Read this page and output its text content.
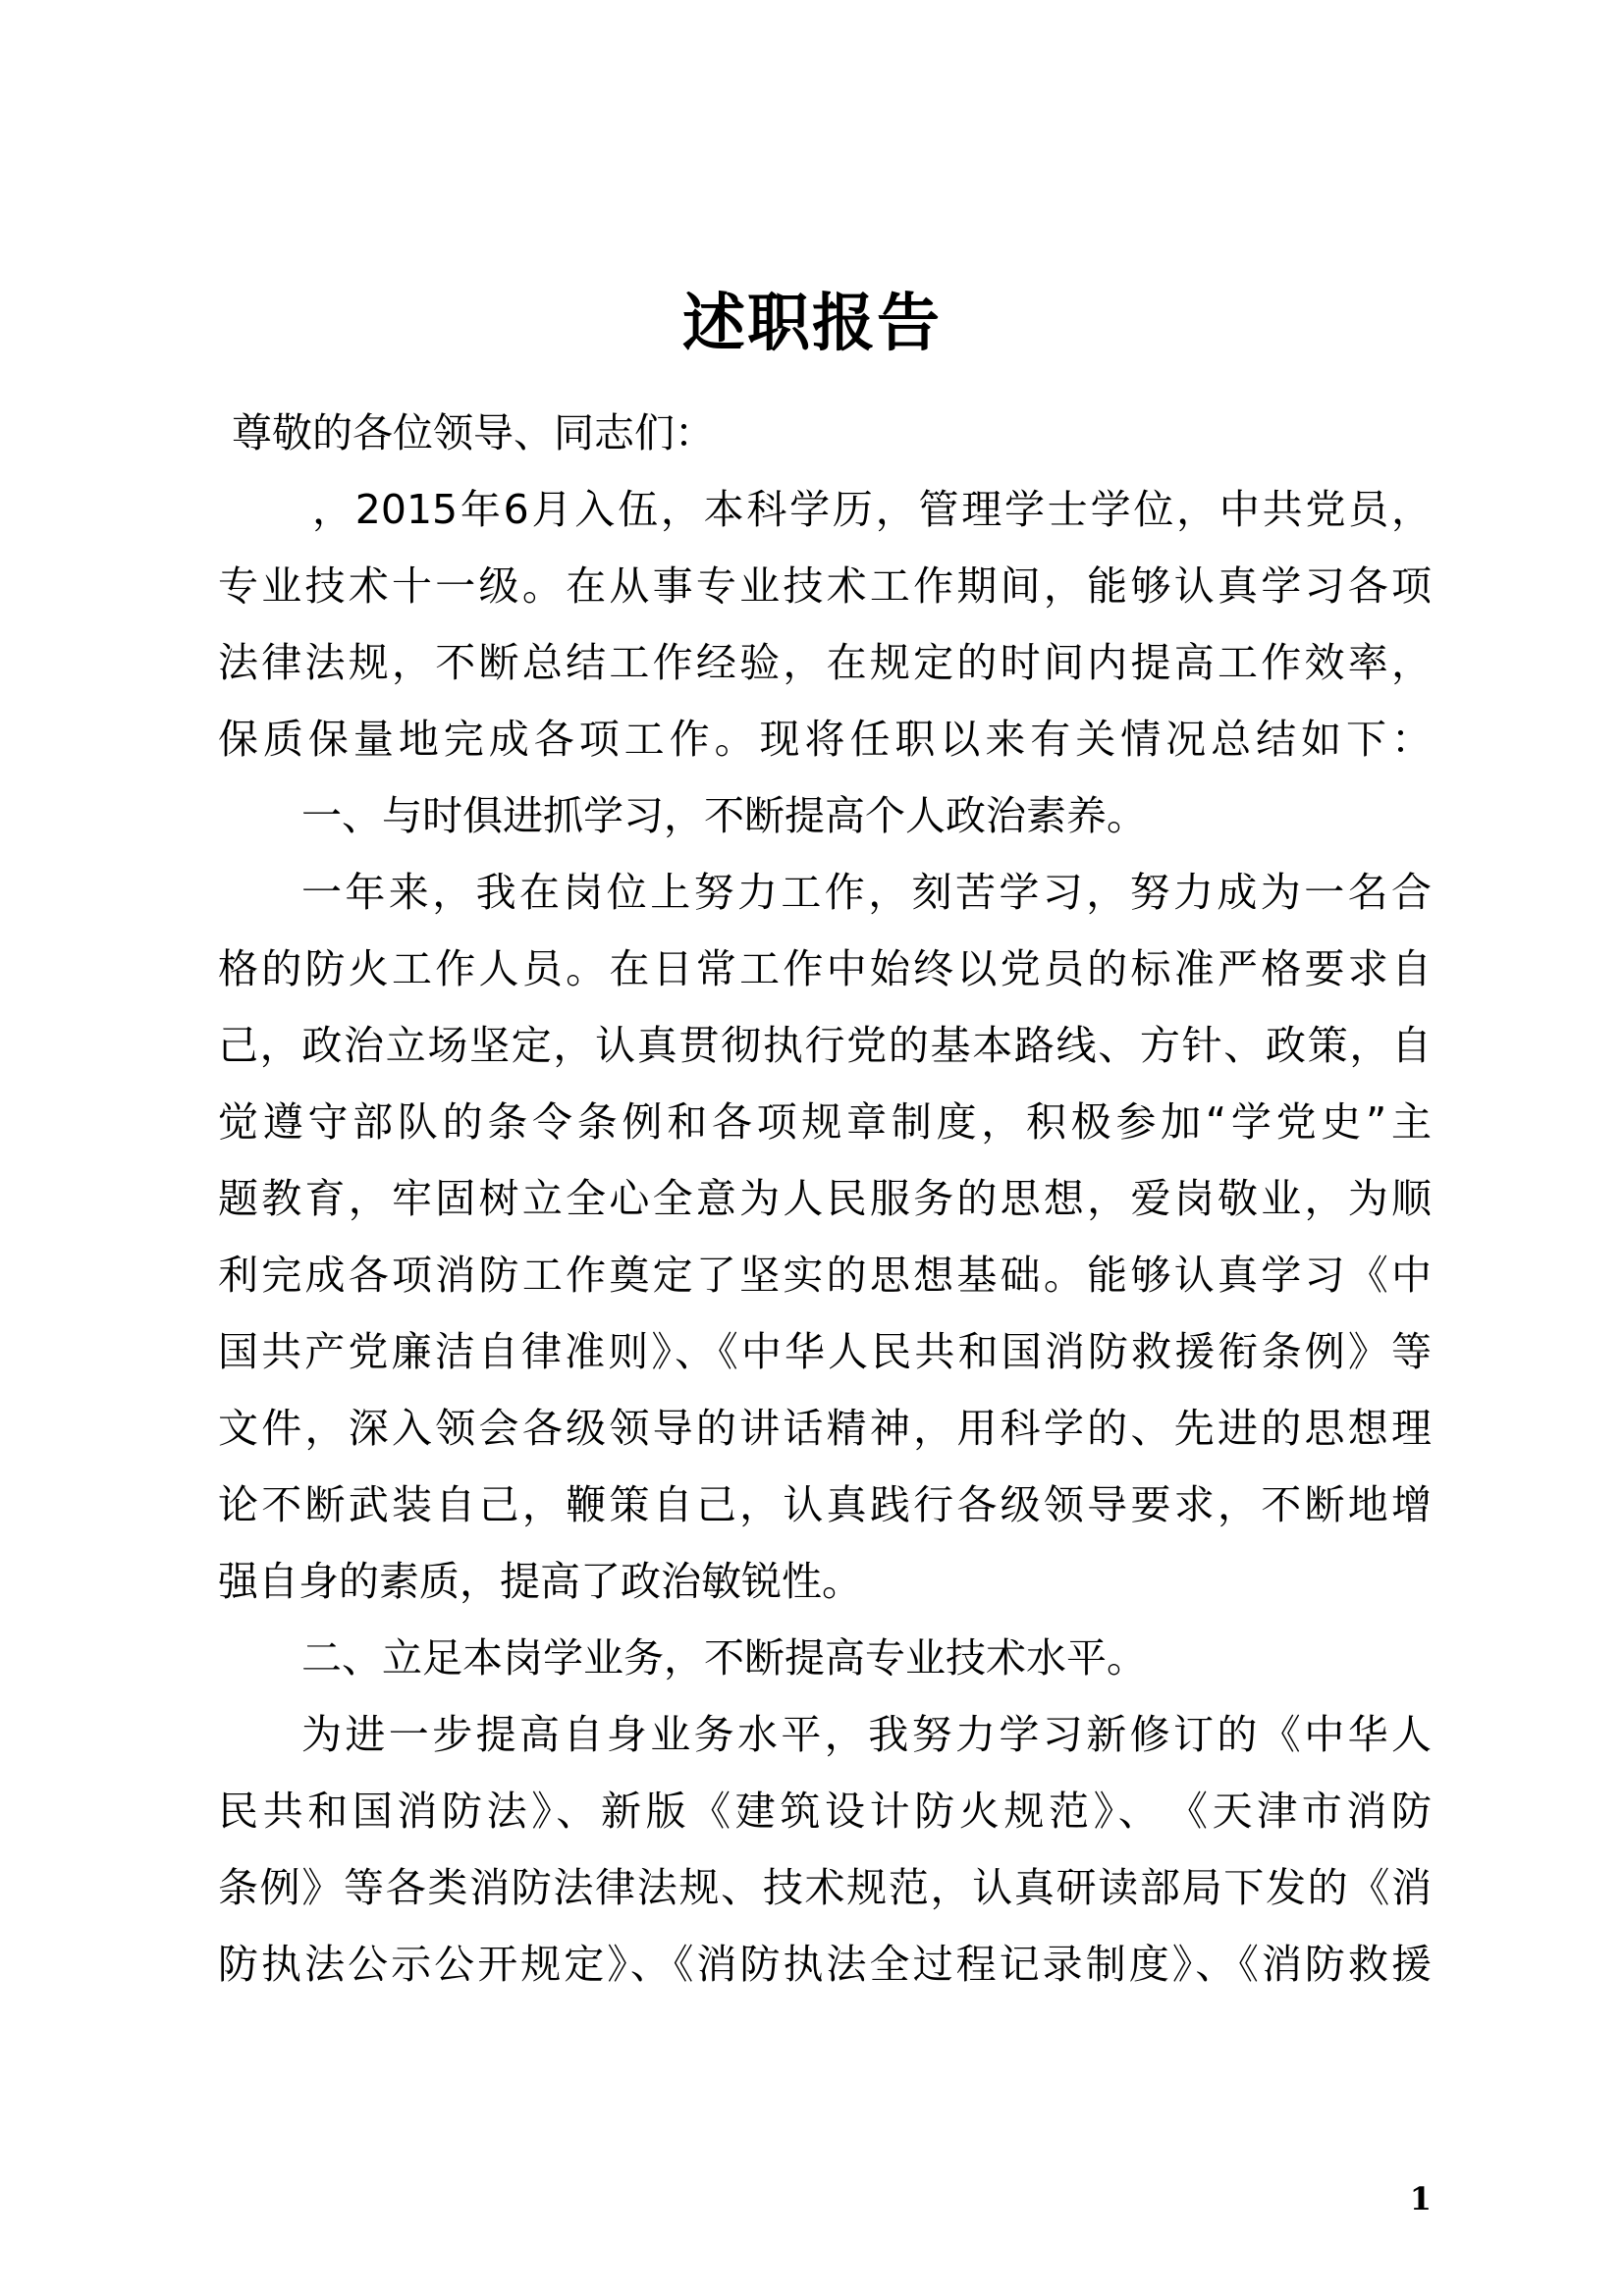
述职报告
尊敬的各位领导、同志们：
，2015年6月入伍，本科学历，管理学士学位，中共党员，
专业技术十一级。在从事专业技术工作期间，能够认真学习各项
法律法规，不断总结工作经验，在规定的时间内提高工作效率，
保质保量地完成各项工作。现将任职以来有关情况总结如下：
一、与时俱进抓学习，不断提高个人政治素养。
一年来，我在岗位上努力工作，刻苦学习，努力成为一名合
格的防火工作人员。在日常工作中始终以党员的标准严格要求自
己，政治立场坚定，认真贯彻执行党的基本路线、方针、政策，自
觉遵守部队的条令条例和各项规章制度，积极参加“学党史”主
题教育，牢固树立全心全意为人民服务的思想，爱岗敬业，为顺
利完成各项消防工作奠定了坚实的思想基础。能够认真学习《中
国共产党廉洁自律准则》、《中华人民共和国消防救援衔条例》等
文件，深入领会各级领导的讲话精神，用科学的、先进的思想理
论不断武装自己，鞭策自己，认真践行各级领导要求，不断地增
强自身的素质，提高了政治敏锐性。
二、立足本岗学业务，不断提高专业技术水平。
为进一步提高自身业务水平，我努力学习新修订的《中华人
民共和国消防法》、新版《建筑设计防火规范》、　《天津市消防
条例》等各类消防法律法规、技术规范，认真研读部局下发的《消
防执法公示公开规定》、《消防执法全过程记录制度》、《消防救援
1
